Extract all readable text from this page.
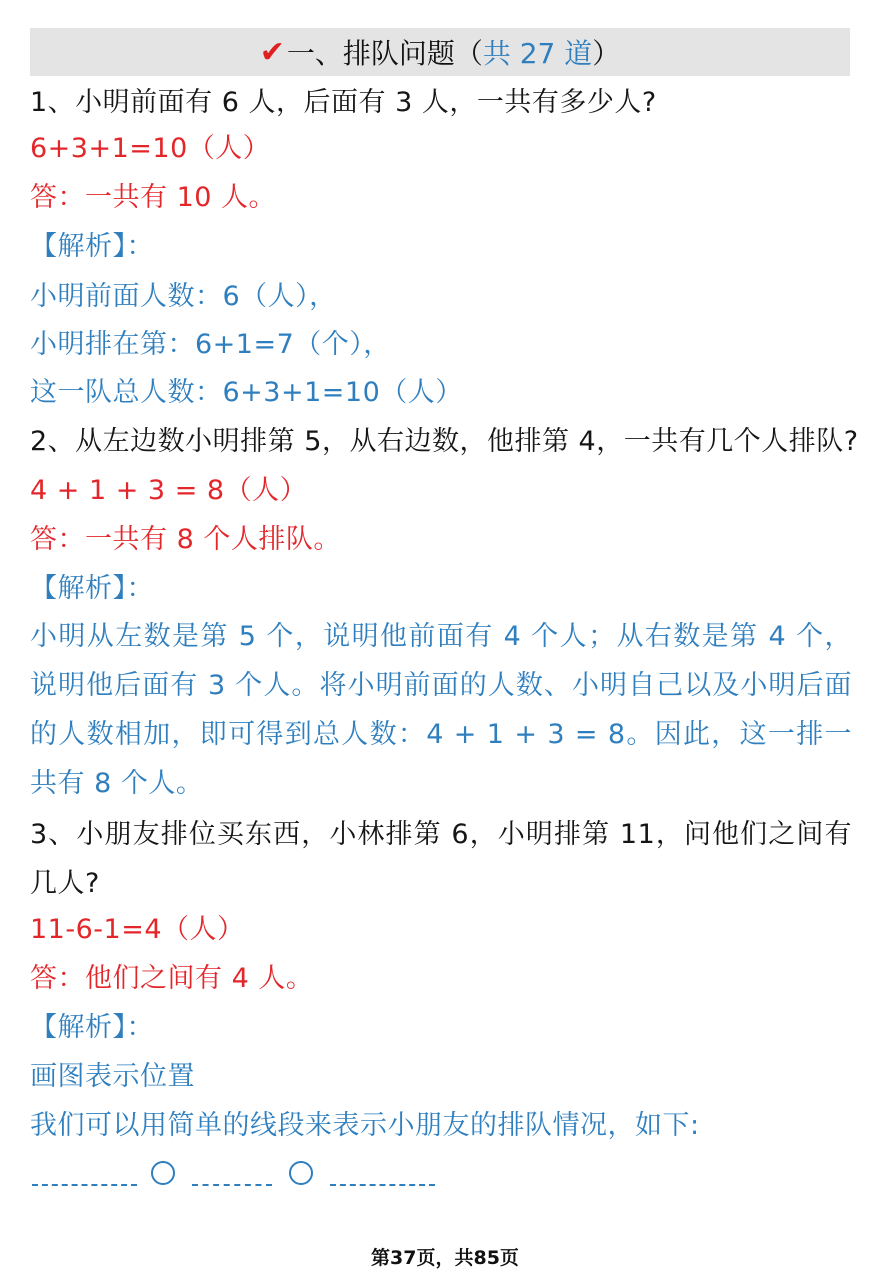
✔ 一、排队问题（ 共 27 道 ）
1、小明前面有 6 人，后面有 3 人，一共有多少人?
6+3+1=10（人）
答：一共有 10 人。
【解析】：
小明前面人数：6（人），
小明排在第：6+1=7（个），
这一队总人数：6+3+1=10（人）
2、从左边数小明排第 5，从右边数，他排第 4，一共有几个人排队?
4 + 1 + 3 = 8（人）
答：一共有 8 个人排队。
【解析】：
小明从左数是第 5 个，说明他前面有 4 个人；从右数是第 4 个，说明他后面有 3 个人。将小明前面的人数、小明自己以及小明后面的人数相加，即可得到总人数：4 + 1 + 3 = 8。因此，这一排一共有 8 个人。
3、小朋友排位买东西，小林排第 6，小明排第 11，问他们之间有几人?
11-6-1=4（人）
答：他们之间有 4 人。
【解析】：
画图表示位置
我们可以用简单的线段来表示小朋友的排队情况，如下:
第37页，共85页
